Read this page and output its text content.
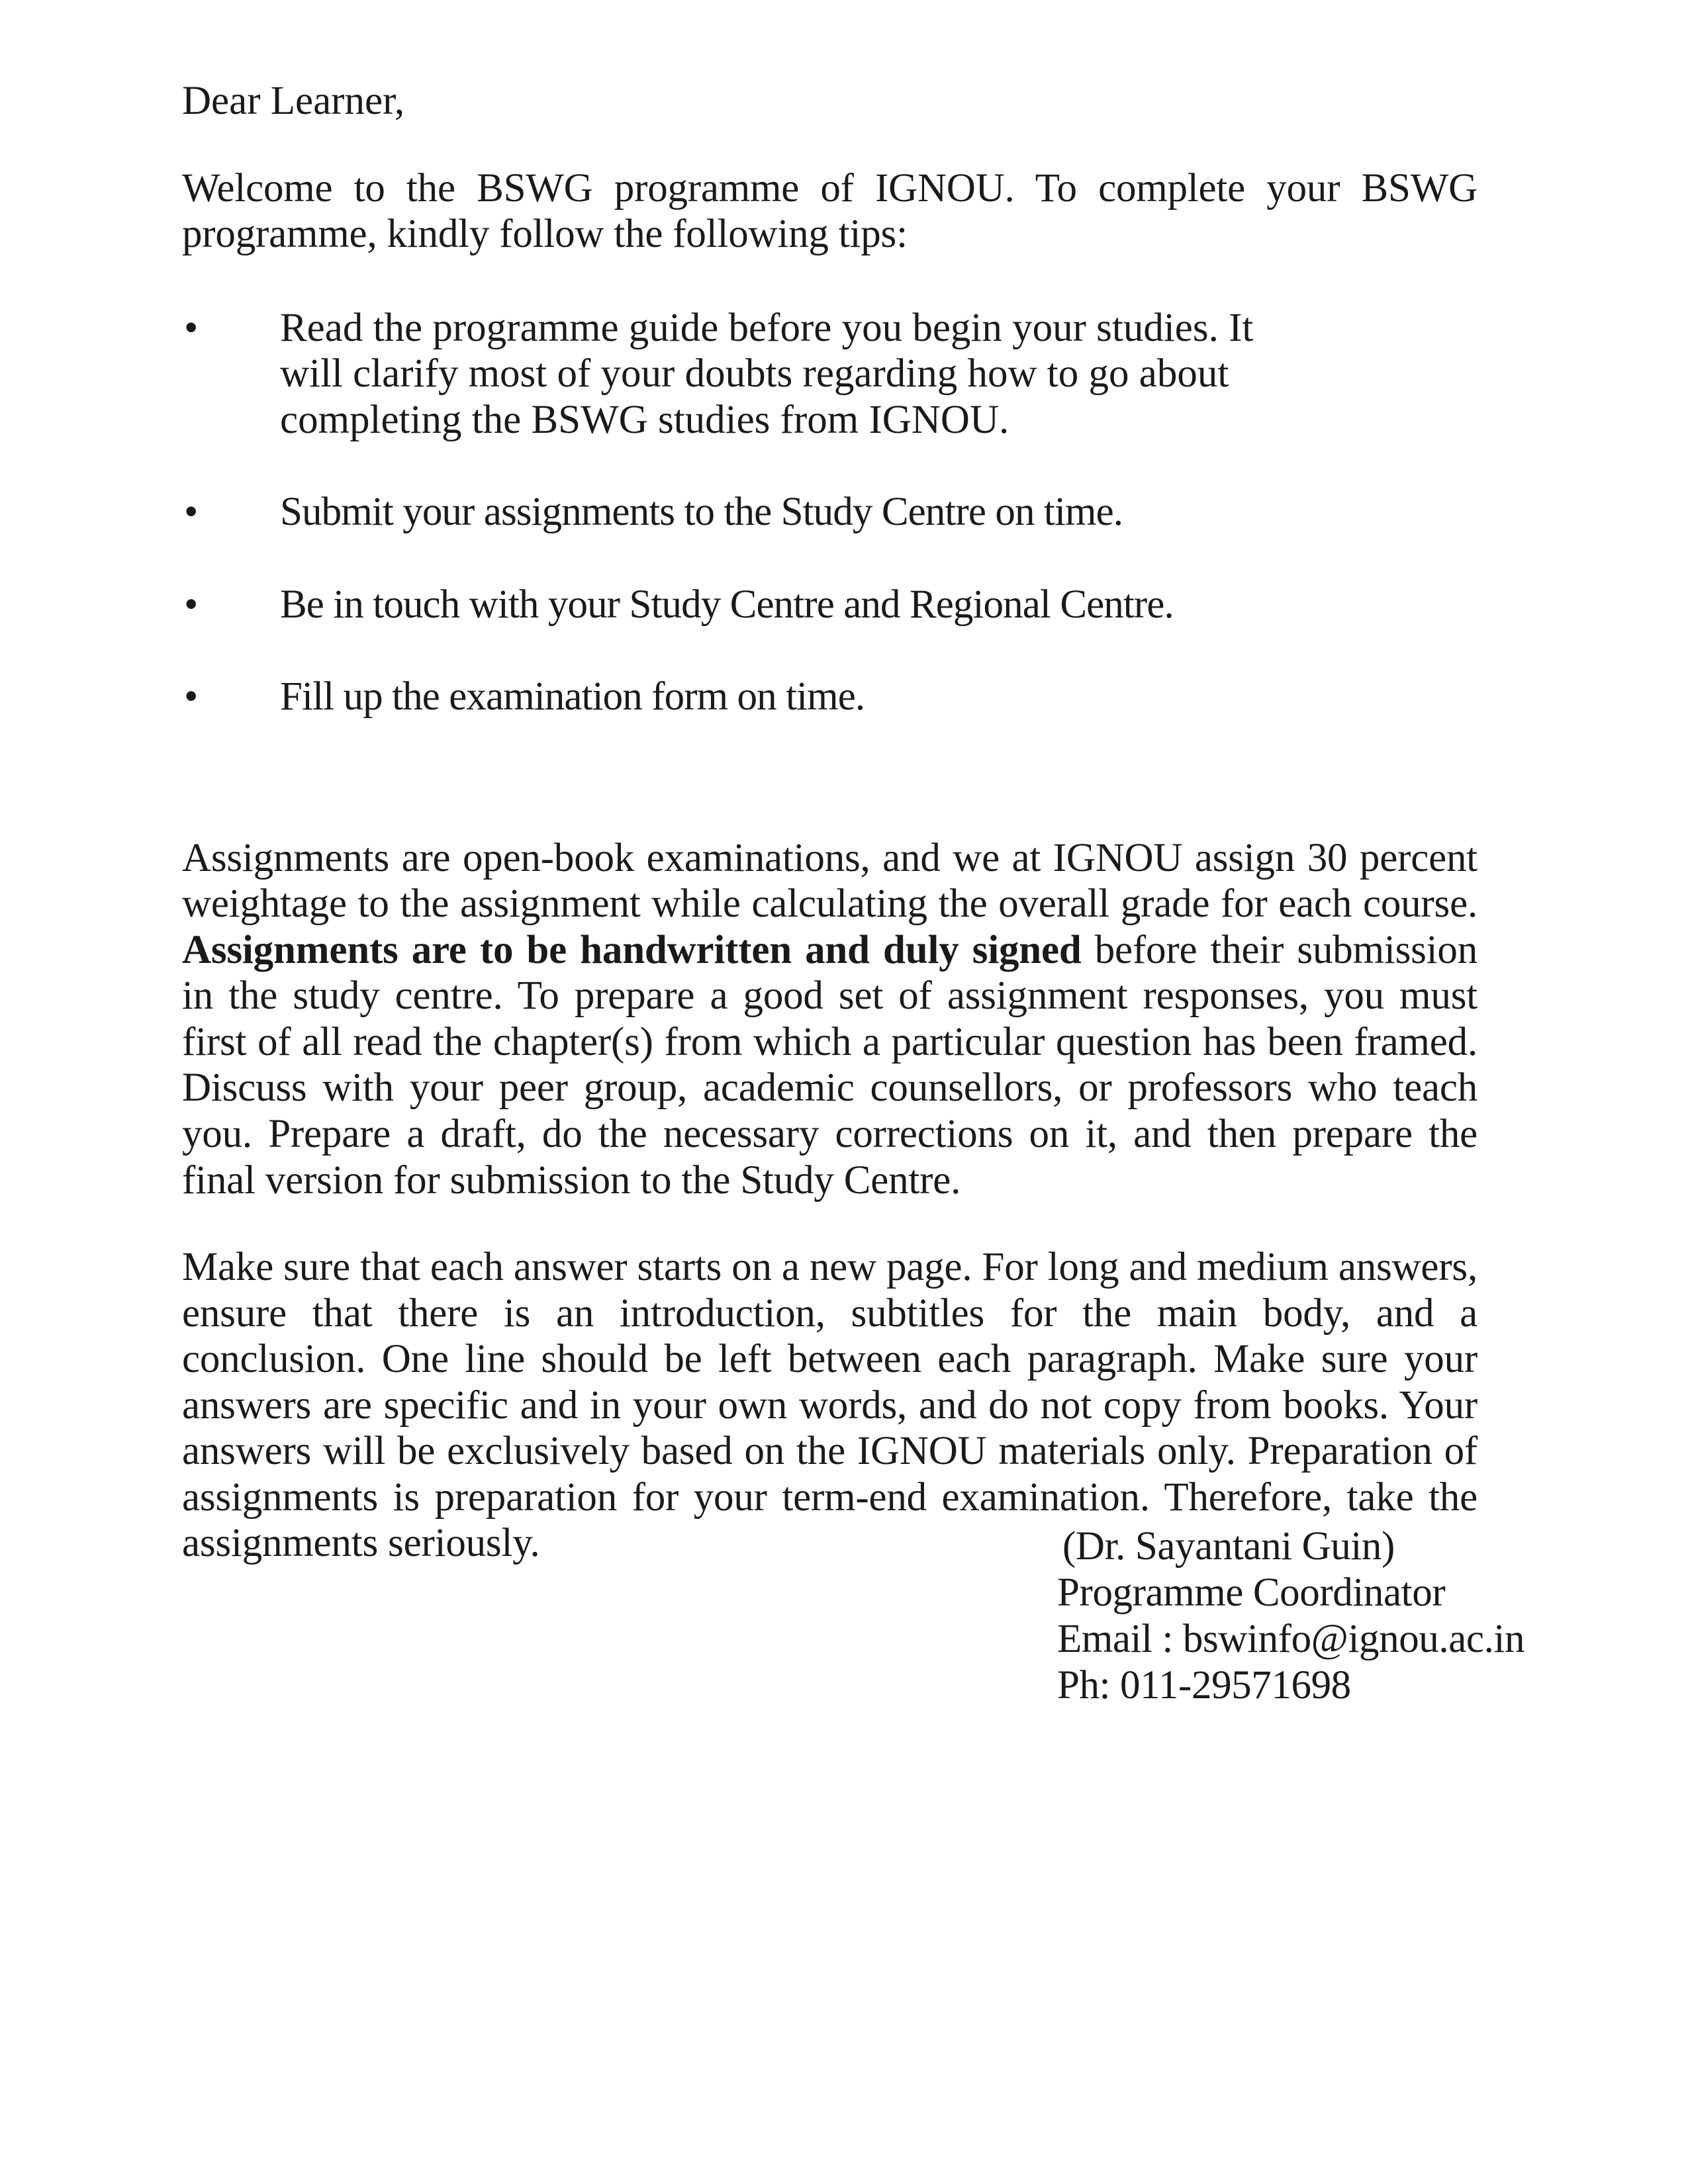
Dear Learner,

Welcome to the BSWG programme of IGNOU. To complete your BSWG programme, kindly follow the following tips:

• Read the programme guide before you begin your studies. It will clarify most of your doubts regarding how to go about completing the BSWG studies from IGNOU.
• Submit your assignments to the Study Centre on time.
• Be in touch with your Study Centre and Regional Centre.
• Fill up the examination form on time.

Assignments are open-book examinations, and we at IGNOU assign 30 percent weightage to the assignment while calculating the overall grade for each course. Assignments are to be handwritten and duly signed before their submission in the study centre. To prepare a good set of assignment responses, you must first of all read the chapter(s) from which a particular question has been framed. Discuss with your peer group, academic counsellors, or professors who teach you. Prepare a draft, do the necessary corrections on it, and then prepare the final version for submission to the Study Centre.

Make sure that each answer starts on a new page. For long and medium answers, ensure that there is an introduction, subtitles for the main body, and a conclusion. One line should be left between each paragraph. Make sure your answers are specific and in your own words, and do not copy from books. Your answers will be exclusively based on the IGNOU materials only. Preparation of assignments is preparation for your term-end examination. Therefore, take the assignments seriously.	(Dr. Sayantani Guin)

Programme Coordinator

Email : bswinfo@ignou.ac.in

Ph: 011-29571698
